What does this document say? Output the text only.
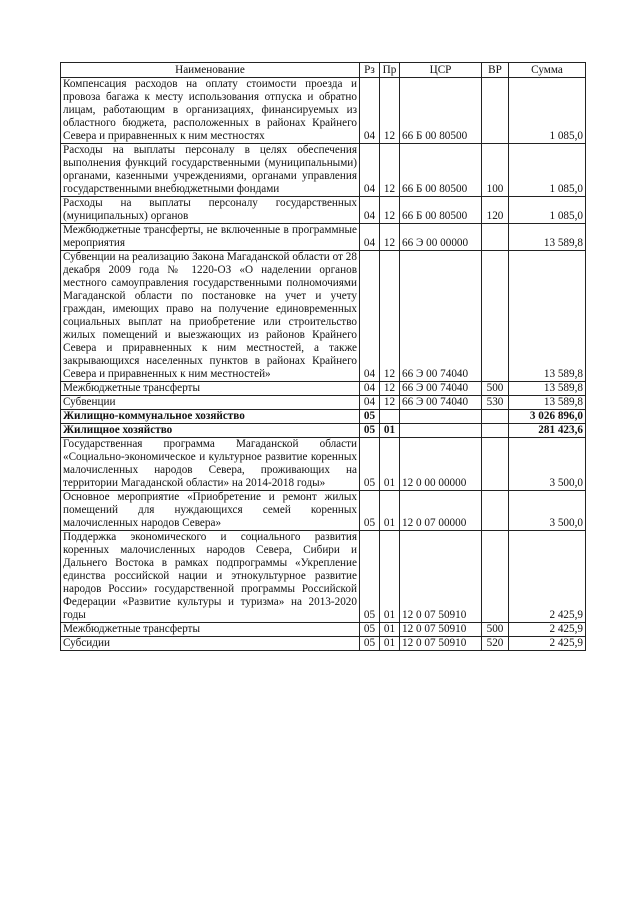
Наименование	Рз	Пр	ЦСР	ВР	Сумма
Компенсация расходов на оплату стоимости проезда и провоза багажа к месту использования отпуска и обратно лицам, работающим в организациях, финансируемых из областного бюджета, расположенных в районах Крайнего Севера и приравненных к ним местностях	04	12	66 Б 00 80500		1 085,0
Расходы на выплаты персоналу в целях обеспечения выполнения функций государственными (муниципальными) органами, казенными учреждениями, органами управления государственными внебюджетными фондами	04	12	66 Б 00 80500	100	1 085,0
Расходы на выплаты персоналу государственных (муниципальных) органов	04	12	66 Б 00 80500	120	1 085,0
Межбюджетные трансферты, не включенные в программные мероприятия	04	12	66 Э 00 00000		13 589,8
Субвенции на реализацию Закона Магаданской области от 28 декабря 2009 года № 1220-ОЗ «О наделении органов местного самоуправления государственными полномочиями Магаданской области по постановке на учет и учету граждан, имеющих право на получение единовременных социальных выплат на приобретение или строительство жилых помещений и выезжающих из районов Крайнего Севера и приравненных к ним местностей, а также закрывающихся населенных пунктов в районах Крайнего Севера и приравненных к ним местностей»	04	12	66 Э 00 74040		13 589,8
Межбюджетные трансферты	04	12	66 Э 00 74040	500	13 589,8
Субвенции	04	12	66 Э 00 74040	530	13 589,8
Жилищно-коммунальное хозяйство	05				3 026 896,0
Жилищное хозяйство	05	01			281 423,6
Государственная программа Магаданской области «Социально-экономическое и культурное развитие коренных малочисленных народов Севера, проживающих на территории Магаданской области» на 2014-2018 годы»	05	01	12 0 00 00000		3 500,0
Основное мероприятие «Приобретение и ремонт жилых помещений для нуждающихся семей коренных малочисленных народов Севера»	05	01	12 0 07 00000		3 500,0
Поддержка экономического и социального развития коренных малочисленных народов Севера, Сибири и Дальнего Востока в рамках подпрограммы «Укрепление единства российской нации и этнокультурное развитие народов России» государственной программы Российской Федерации «Развитие культуры и туризма» на 2013-2020 годы	05	01	12 0 07 50910		2 425,9
Межбюджетные трансферты	05	01	12 0 07 50910	500	2 425,9
Субсидии	05	01	12 0 07 50910	520	2 425,9
